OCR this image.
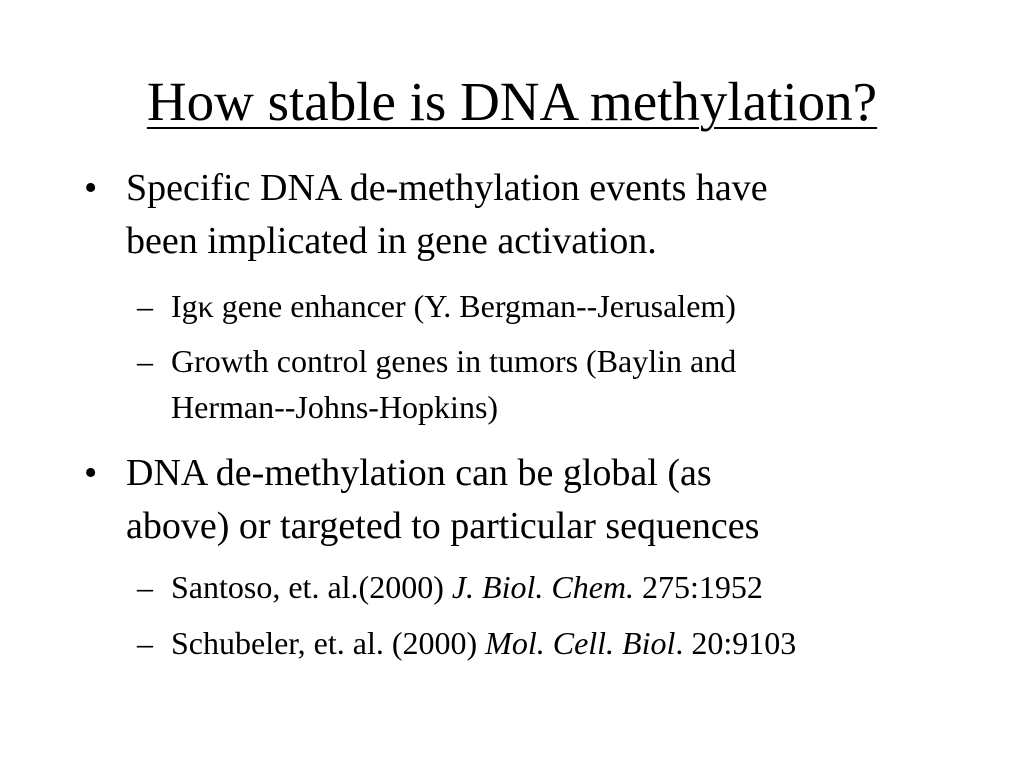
How stable is DNA methylation?
• Specific DNA de-methylation events have
been implicated in gene activation.
– Igκ gene enhancer (Y. Bergman--Jerusalem)
– Growth control genes in tumors (Baylin and
Herman--Johns-Hopkins)
• DNA de-methylation can be global (as
above) or targeted to particular sequences
– Santoso, et. al.(2000) J. Biol. Chem. 275:1952
– Schubeler, et. al. (2000) Mol. Cell. Biol. 20:9103
